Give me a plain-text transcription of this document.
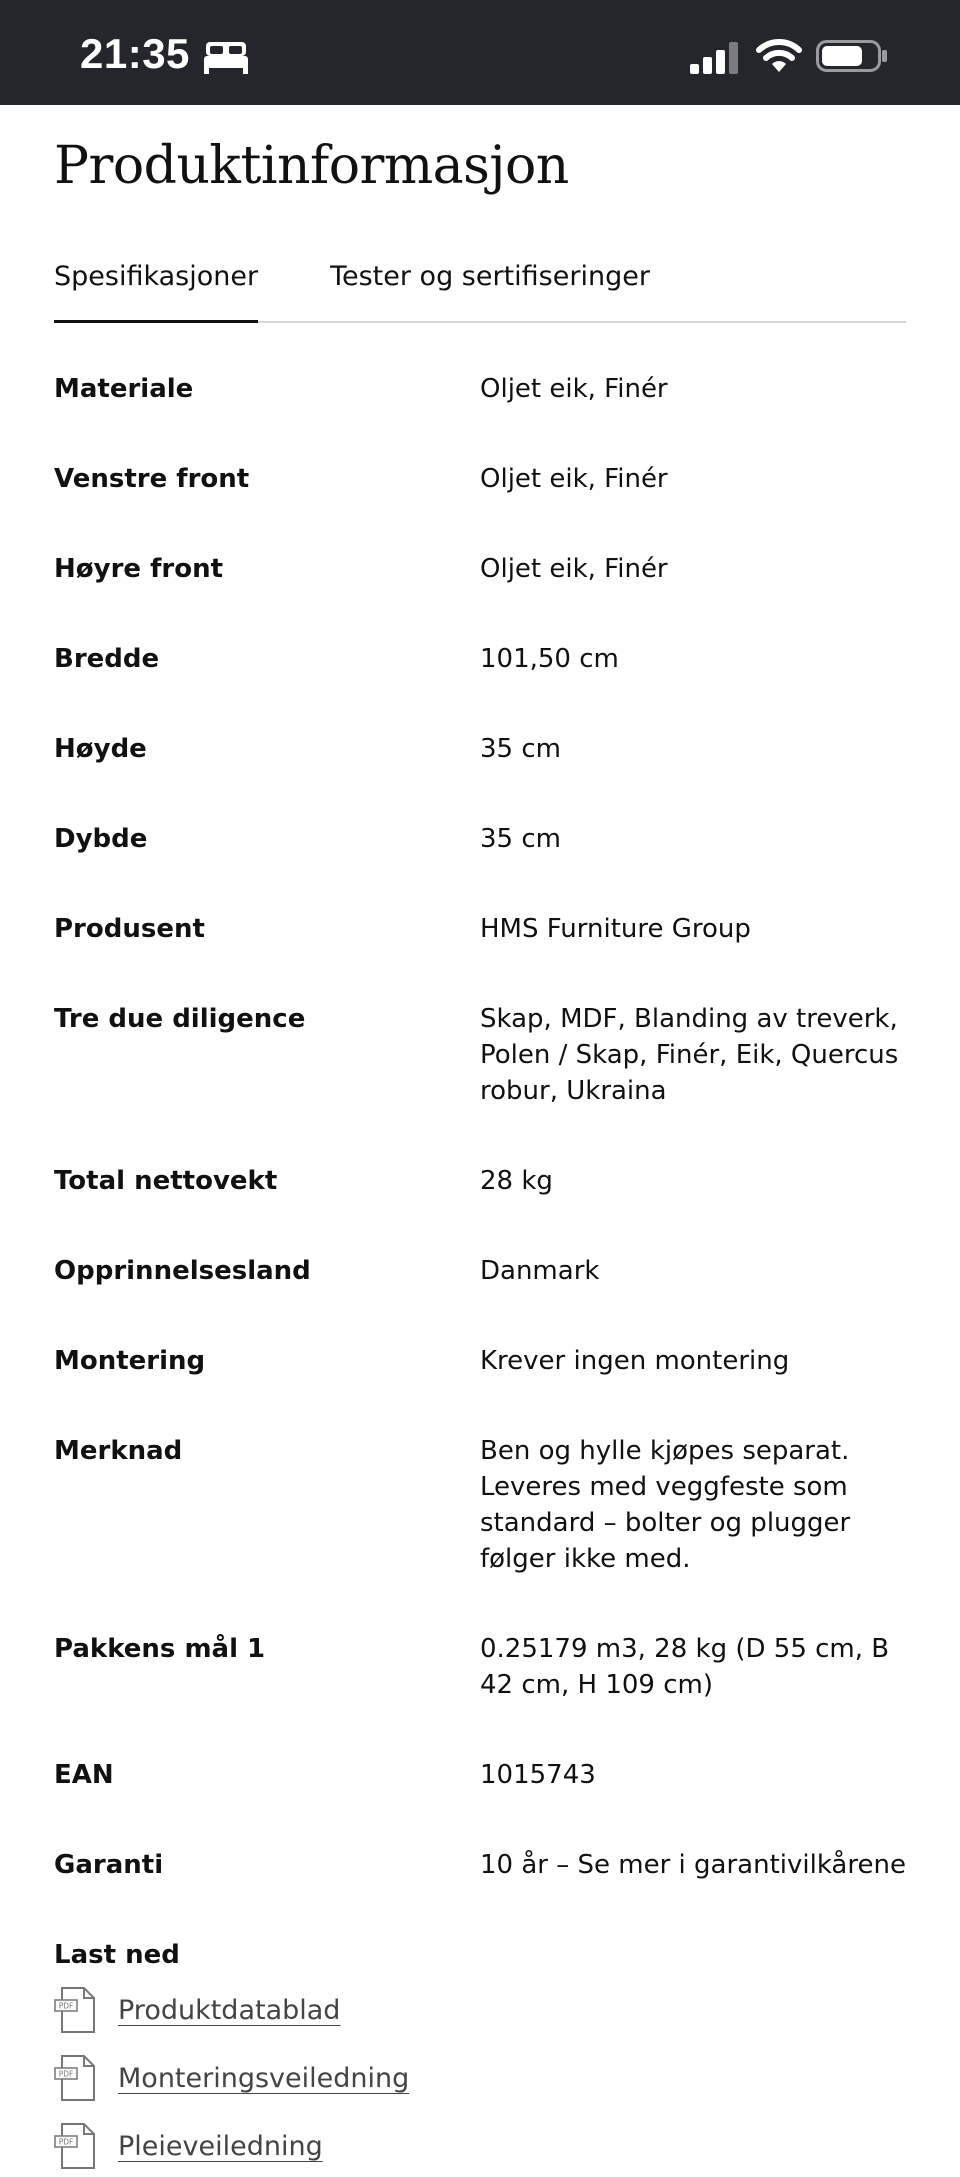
21:35
Produktinformasjon
Spesifikasjoner	Tester og sertifiseringer
Materiale	Oljet eik, Finér
Venstre front	Oljet eik, Finér
Høyre front	Oljet eik, Finér
Bredde	101,50 cm
Høyde	35 cm
Dybde	35 cm
Produsent	HMS Furniture Group
Tre due diligence	Skap, MDF, Blanding av treverk, Polen / Skap, Finér, Eik, Quercus robur, Ukraina
Total nettovekt	28 kg
Opprinnelsesland	Danmark
Montering	Krever ingen montering
Merknad	Ben og hylle kjøpes separat. Leveres med veggfeste som standard – bolter og plugger følger ikke med.
Pakkens mål 1	0.25179 m3, 28 kg (D 55 cm, B 42 cm, H 109 cm)
EAN	1015743
Garanti	10 år – Se mer i garantivilkårene
Last ned
PDF Produktdatablad
PDF Monteringsveiledning
PDF Pleieveiledning
